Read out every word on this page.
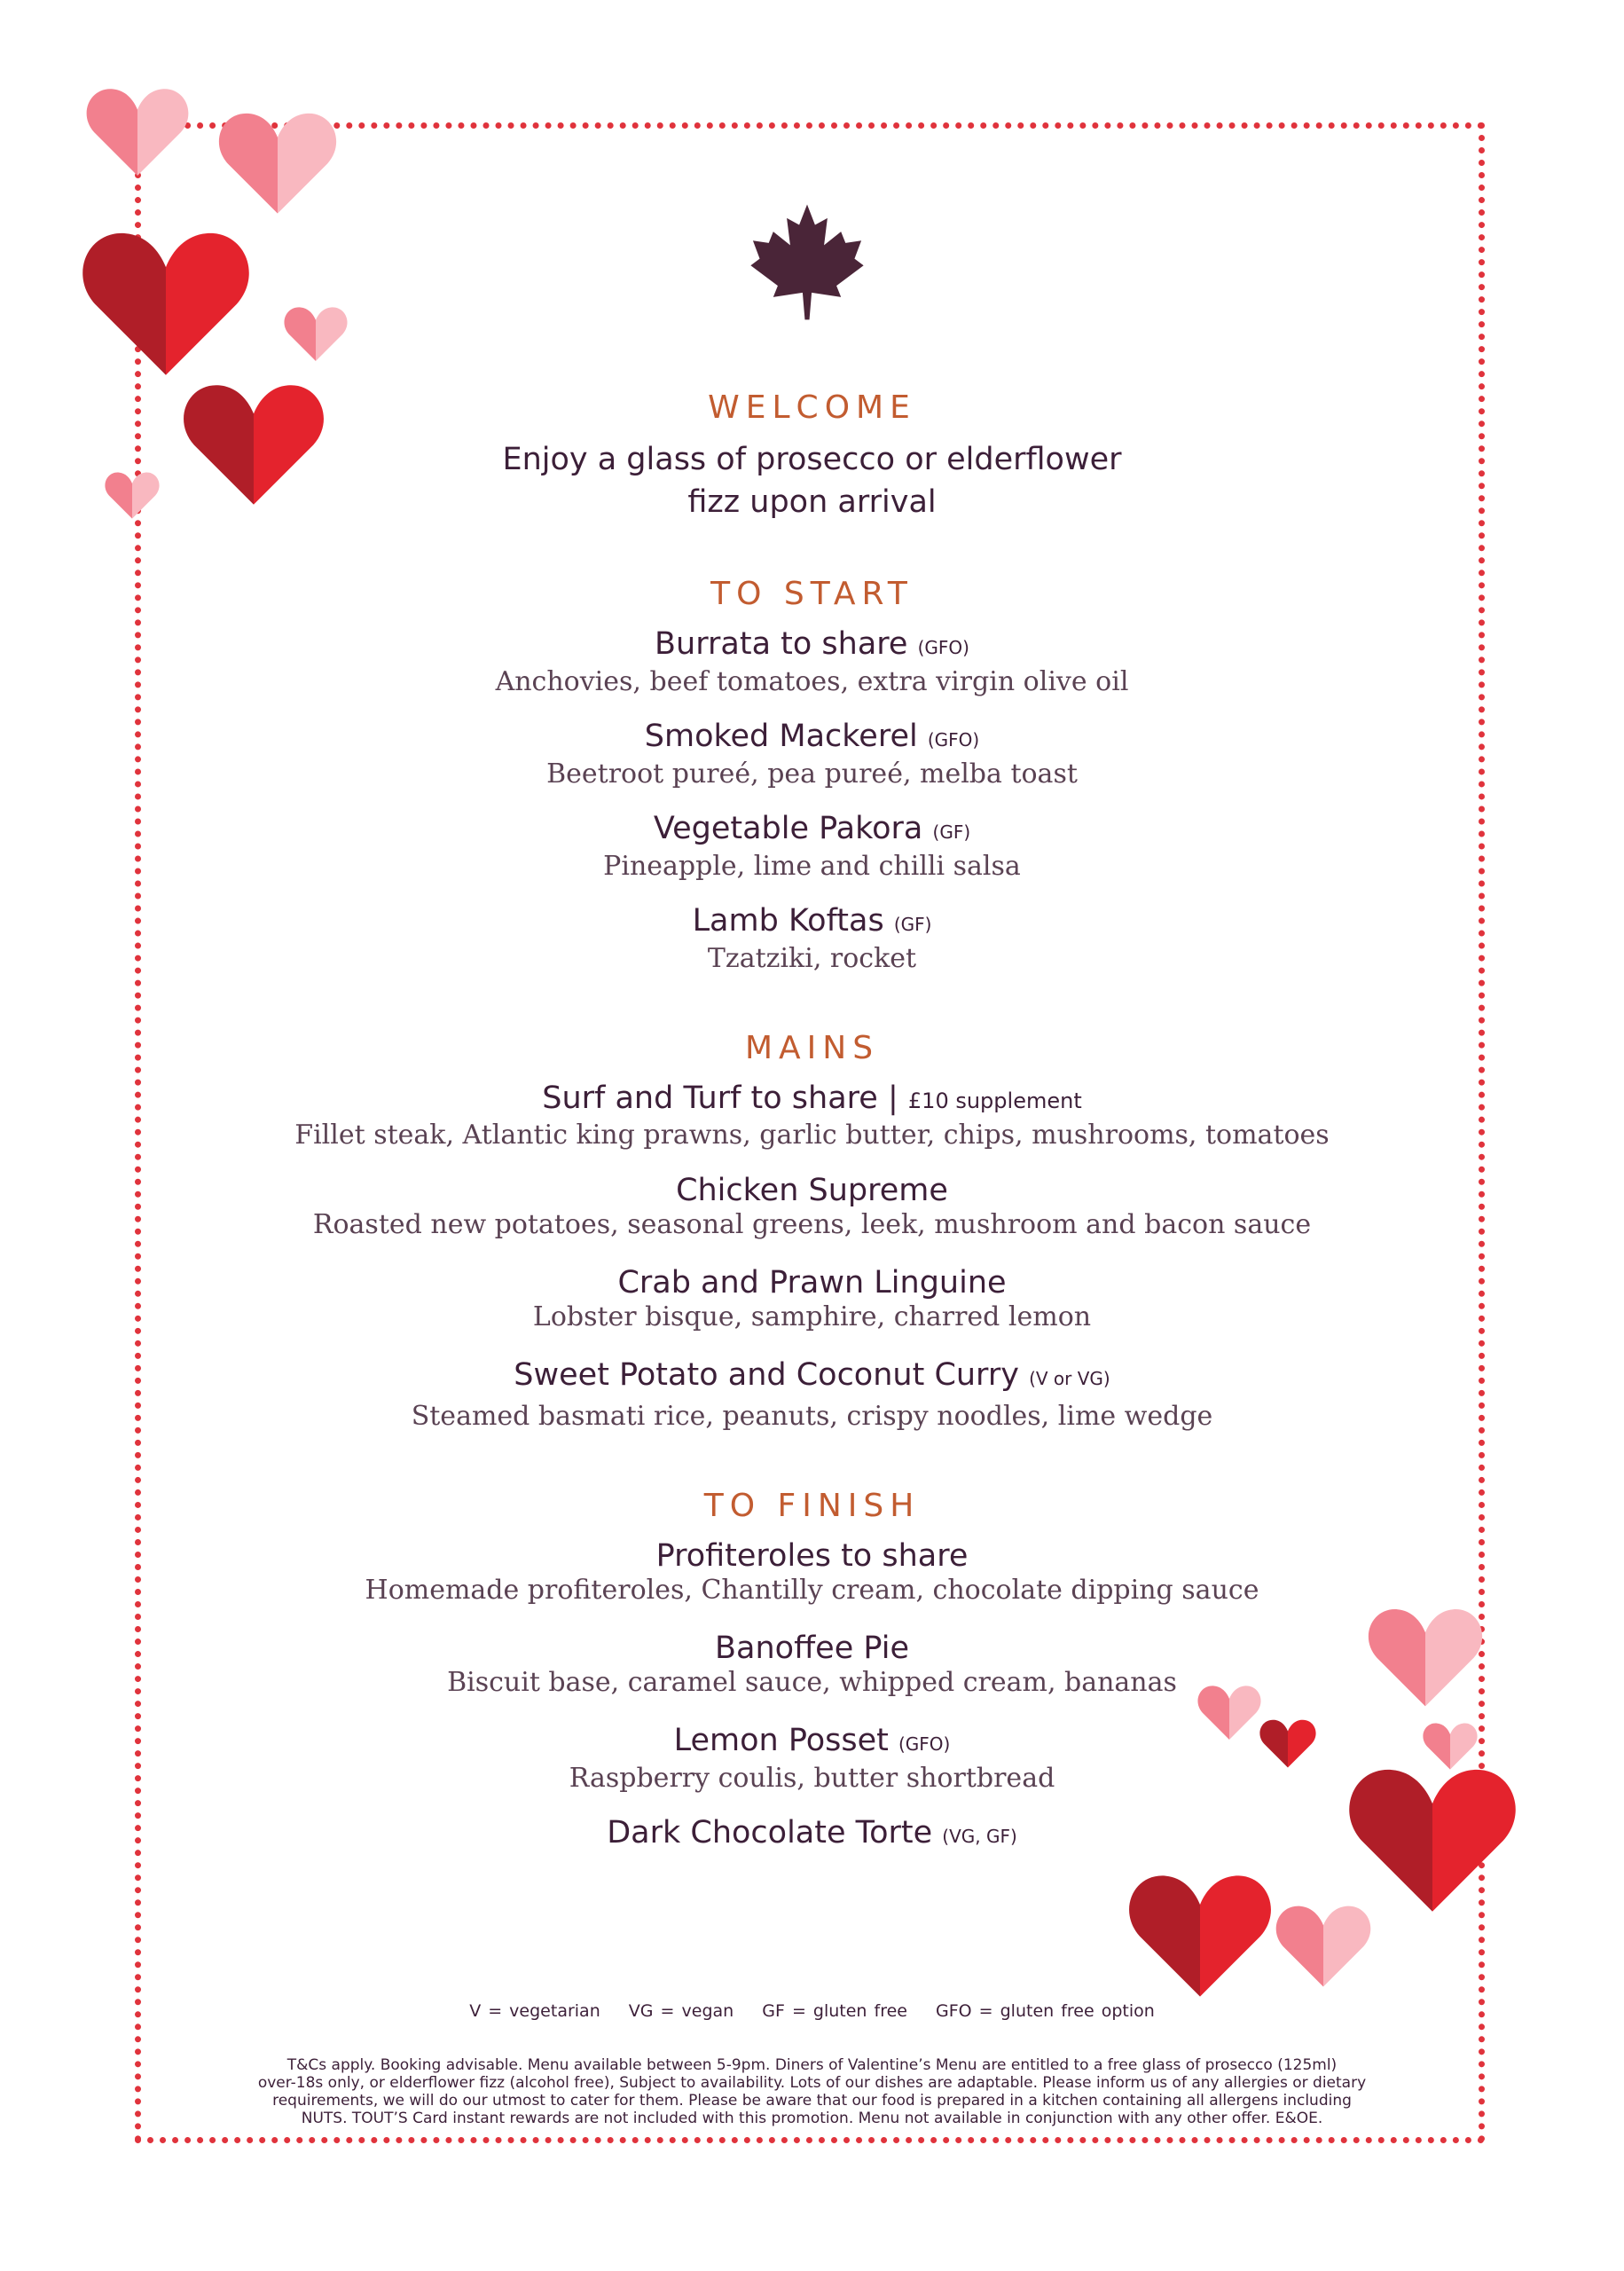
WELCOME
Enjoy a glass of prosecco or elderflower
fizz upon arrival
TO START
Burrata to share (GFO)
Anchovies, beef tomatoes, extra virgin olive oil
Smoked Mackerel (GFO)
Beetroot pureé, pea pureé, melba toast
Vegetable Pakora (GF)
Pineapple, lime and chilli salsa
Lamb Koftas (GF)
Tzatziki, rocket
MAINS
Surf and Turf to share | £10 supplement
Fillet steak, Atlantic king prawns, garlic butter, chips, mushrooms, tomatoes
Chicken Supreme
Roasted new potatoes, seasonal greens, leek, mushroom and bacon sauce
Crab and Prawn Linguine
Lobster bisque, samphire, charred lemon
Sweet Potato and Coconut Curry (V or VG)
Steamed basmati rice, peanuts, crispy noodles, lime wedge
TO FINISH
Profiteroles to share
Homemade profiteroles, Chantilly cream, chocolate dipping sauce
Banoffee Pie
Biscuit base, caramel sauce, whipped cream, bananas
Lemon Posset (GFO)
Raspberry coulis, butter shortbread
Dark Chocolate Torte (VG, GF)
V = vegetarian VG = vegan GF = gluten free GFO = gluten free option
T&Cs apply. Booking advisable. Menu available between 5-9pm. Diners of Valentine’s Menu are entitled to a free glass of prosecco (125ml)
over-18s only, or elderflower fizz (alcohol free), Subject to availability. Lots of our dishes are adaptable. Please inform us of any allergies or dietary
requirements, we will do our utmost to cater for them. Please be aware that our food is prepared in a kitchen containing all allergens including
NUTS. TOUT’S Card instant rewards are not included with this promotion. Menu not available in conjunction with any other offer. E&OE.
